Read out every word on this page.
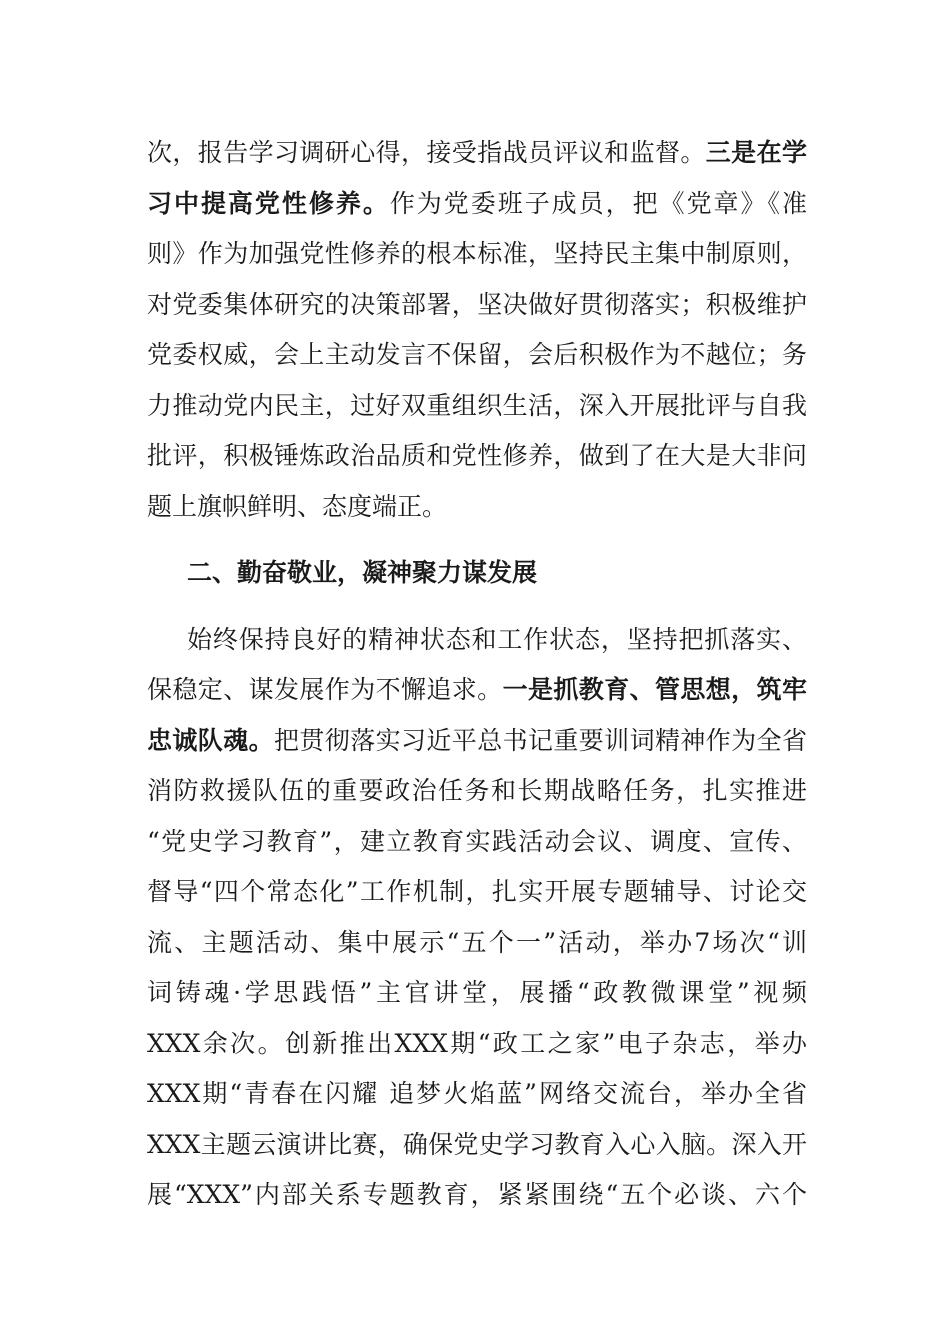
次，报告学习调研心得，接受指战员评议和监督。三是在学
习中提高党性修养。作为党委班子成员，把《党章》《准
则》作为加强党性修养的根本标准，坚持民主集中制原则，
对党委集体研究的决策部署，坚决做好贯彻落实；积极维护
党委权威，会上主动发言不保留，会后积极作为不越位；务
力推动党内民主，过好双重组织生活，深入开展批评与自我
批评，积极锤炼政治品质和党性修养，做到了在大是大非问
题上旗帜鲜明、态度端正。
二、勤奋敬业，凝神聚力谋发展
始终保持良好的精神状态和工作状态，坚持把抓落实、
保稳定、谋发展作为不懈追求。一是抓教育、管思想，筑牢
忠诚队魂。把贯彻落实习近平总书记重要训词精神作为全省
消防救援队伍的重要政治任务和长期战略任务，扎实推进
“党史学习教育”，建立教育实践活动会议、调度、宣传、
督导“四个常态化”工作机制，扎实开展专题辅导、讨论交
流、主题活动、集中展示“五个一”活动，举办7场次“训
词铸魂·学思践悟”主官讲堂，展播“政教微课堂”视频
XXX余次。创新推出XXX期“政工之家”电子杂志，举办
XXX期“青春在闪耀 追梦火焰蓝”网络交流台，举办全省
XXX主题云演讲比赛，确保党史学习教育入心入脑。深入开
展“XXX”内部关系专题教育，紧紧围绕“五个必谈、六个
